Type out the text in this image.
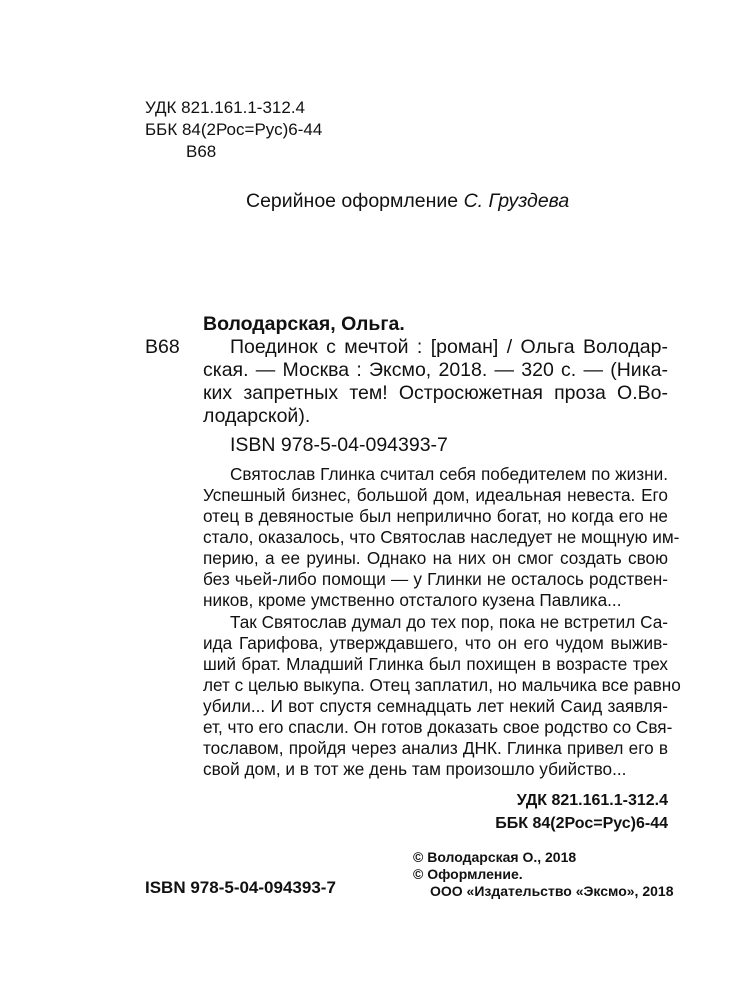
УДК 821.161.1-312.4
ББК 84(2Рос=Рус)6-44
В68
Серийное оформление С. Груздева
Володарская, Ольга.
В68	Поединок с мечтой : [роман] / Ольга Володар-
ская. — Москва : Эксмо, 2018. — 320 с. — (Ника-
ких запретных тем! Остросюжетная проза О.Во-
лодарской).
ISBN 978-5-04-094393-7
Святослав Глинка считал себя победителем по жизни.
Успешный бизнес, большой дом, идеальная невеста. Его
отец в девяностые был неприлично богат, но когда его не
стало, оказалось, что Святослав наследует не мощную им-
перию, а ее руины. Однако на них он смог создать свою
без чьей-либо помощи — у Глинки не осталось родствен-
ников, кроме умственно отсталого кузена Павлика...
Так Святослав думал до тех пор, пока не встретил Са-
ида Гарифова, утверждавшего, что он его чудом выжив-
ший брат. Младший Глинка был похищен в возрасте трех
лет с целью выкупа. Отец заплатил, но мальчика все равно
убили... И вот спустя семнадцать лет некий Саид заявля-
ет, что его спасли. Он готов доказать свое родство со Свя-
тославом, пройдя через анализ ДНК. Глинка привел его в
свой дом, и в тот же день там произошло убийство...
УДК 821.161.1-312.4
ББК 84(2Рос=Рус)6-44
ISBN 978-5-04-094393-7
© Володарская О., 2018
© Оформление.
ООО «Издательство «Эксмо», 2018
